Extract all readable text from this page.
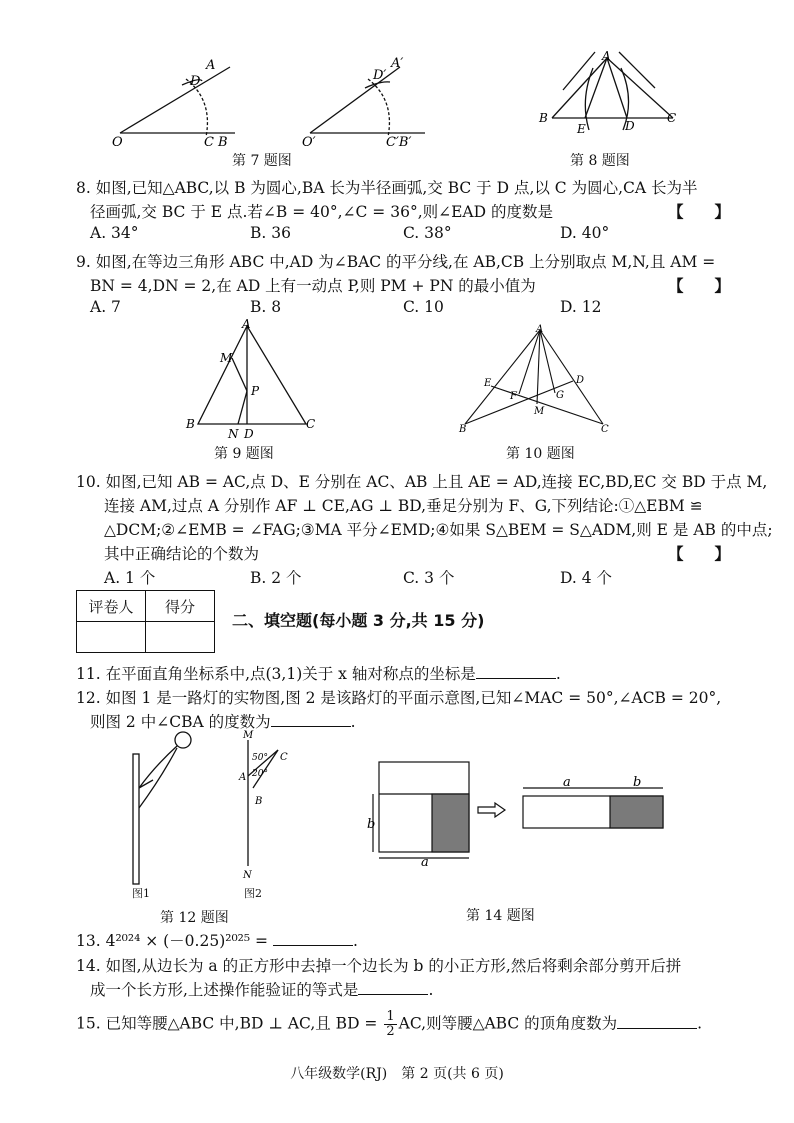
O	C B
D
A
O′	C′B′
D′
A′
第 7 题图
A
B	C
E	D
第 8 题图
8. 如图,已知△ABC,以 B 为圆心,BA 长为半径画弧,交 BC 于 D 点,以 C 为圆心,CA 长为半
径画弧,交 BC 于 E 点.若∠B = 40°,∠C = 36°,则∠EAD 的度数是	【　　】
A. 34°	B. 36	C. 38°	D. 40°
9. 如图,在等边三角形 ABC 中,AD 为∠BAC 的平分线,在 AB,CB 上分别取点 M,N,且 AM =
BN = 4,DN = 2,在 AD 上有一动点 P,则 PM + PN 的最小值为	【　　】
A. 7	B. 8	C. 10	D. 12
A
M
P
B	C
N D
第 9 题图
A
E	D
F	G
M
B	C
第 10 题图
10. 如图,已知 AB = AC,点 D、E 分别在 AC、AB 上且 AE = AD,连接 EC,BD,EC 交 BD 于点 M,
连接 AM,过点 A 分别作 AF ⊥ CE,AG ⊥ BD,垂足分别为 F、G,下列结论:①△EBM ≌
△DCM;②∠EMB = ∠FAG;③MA 平分∠EMD;④如果 S△BEM = S△ADM,则 E 是 AB 的中点;
其中正确结论的个数为	【　　】
A. 1 个	B. 2 个	C. 3 个	D. 4 个
评卷人	得分

二、填空题(每小题 3 分,共 15 分)
11. 在平面直角坐标系中,点(3,1)关于 x 轴对称点的坐标是	.
12. 如图 1 是一路灯的实物图,图 2 是该路灯的平面示意图,已知∠MAC = 50°,∠ACB = 20°,
则图 2 中∠CBA 的度数为	.
M
50° C
A 20°
B
N
图1	图2
第 12 题图
b
a
a	b
第 14 题图
13. 4²⁰²⁴ × (－0.25)²⁰²⁵ =	.
14. 如图,从边长为 a 的正方形中去掉一个边长为 b 的小正方形,然后将剩余部分剪开后拼
成一个长方形,上述操作能验证的等式是	.
15. 已知等腰△ABC 中,BD ⊥ AC,且 BD = $\frac{1}{2}$ AC,则等腰△ABC 的顶角度数为	.
八年级数学(RJ)　第 2 页(共 6 页)
